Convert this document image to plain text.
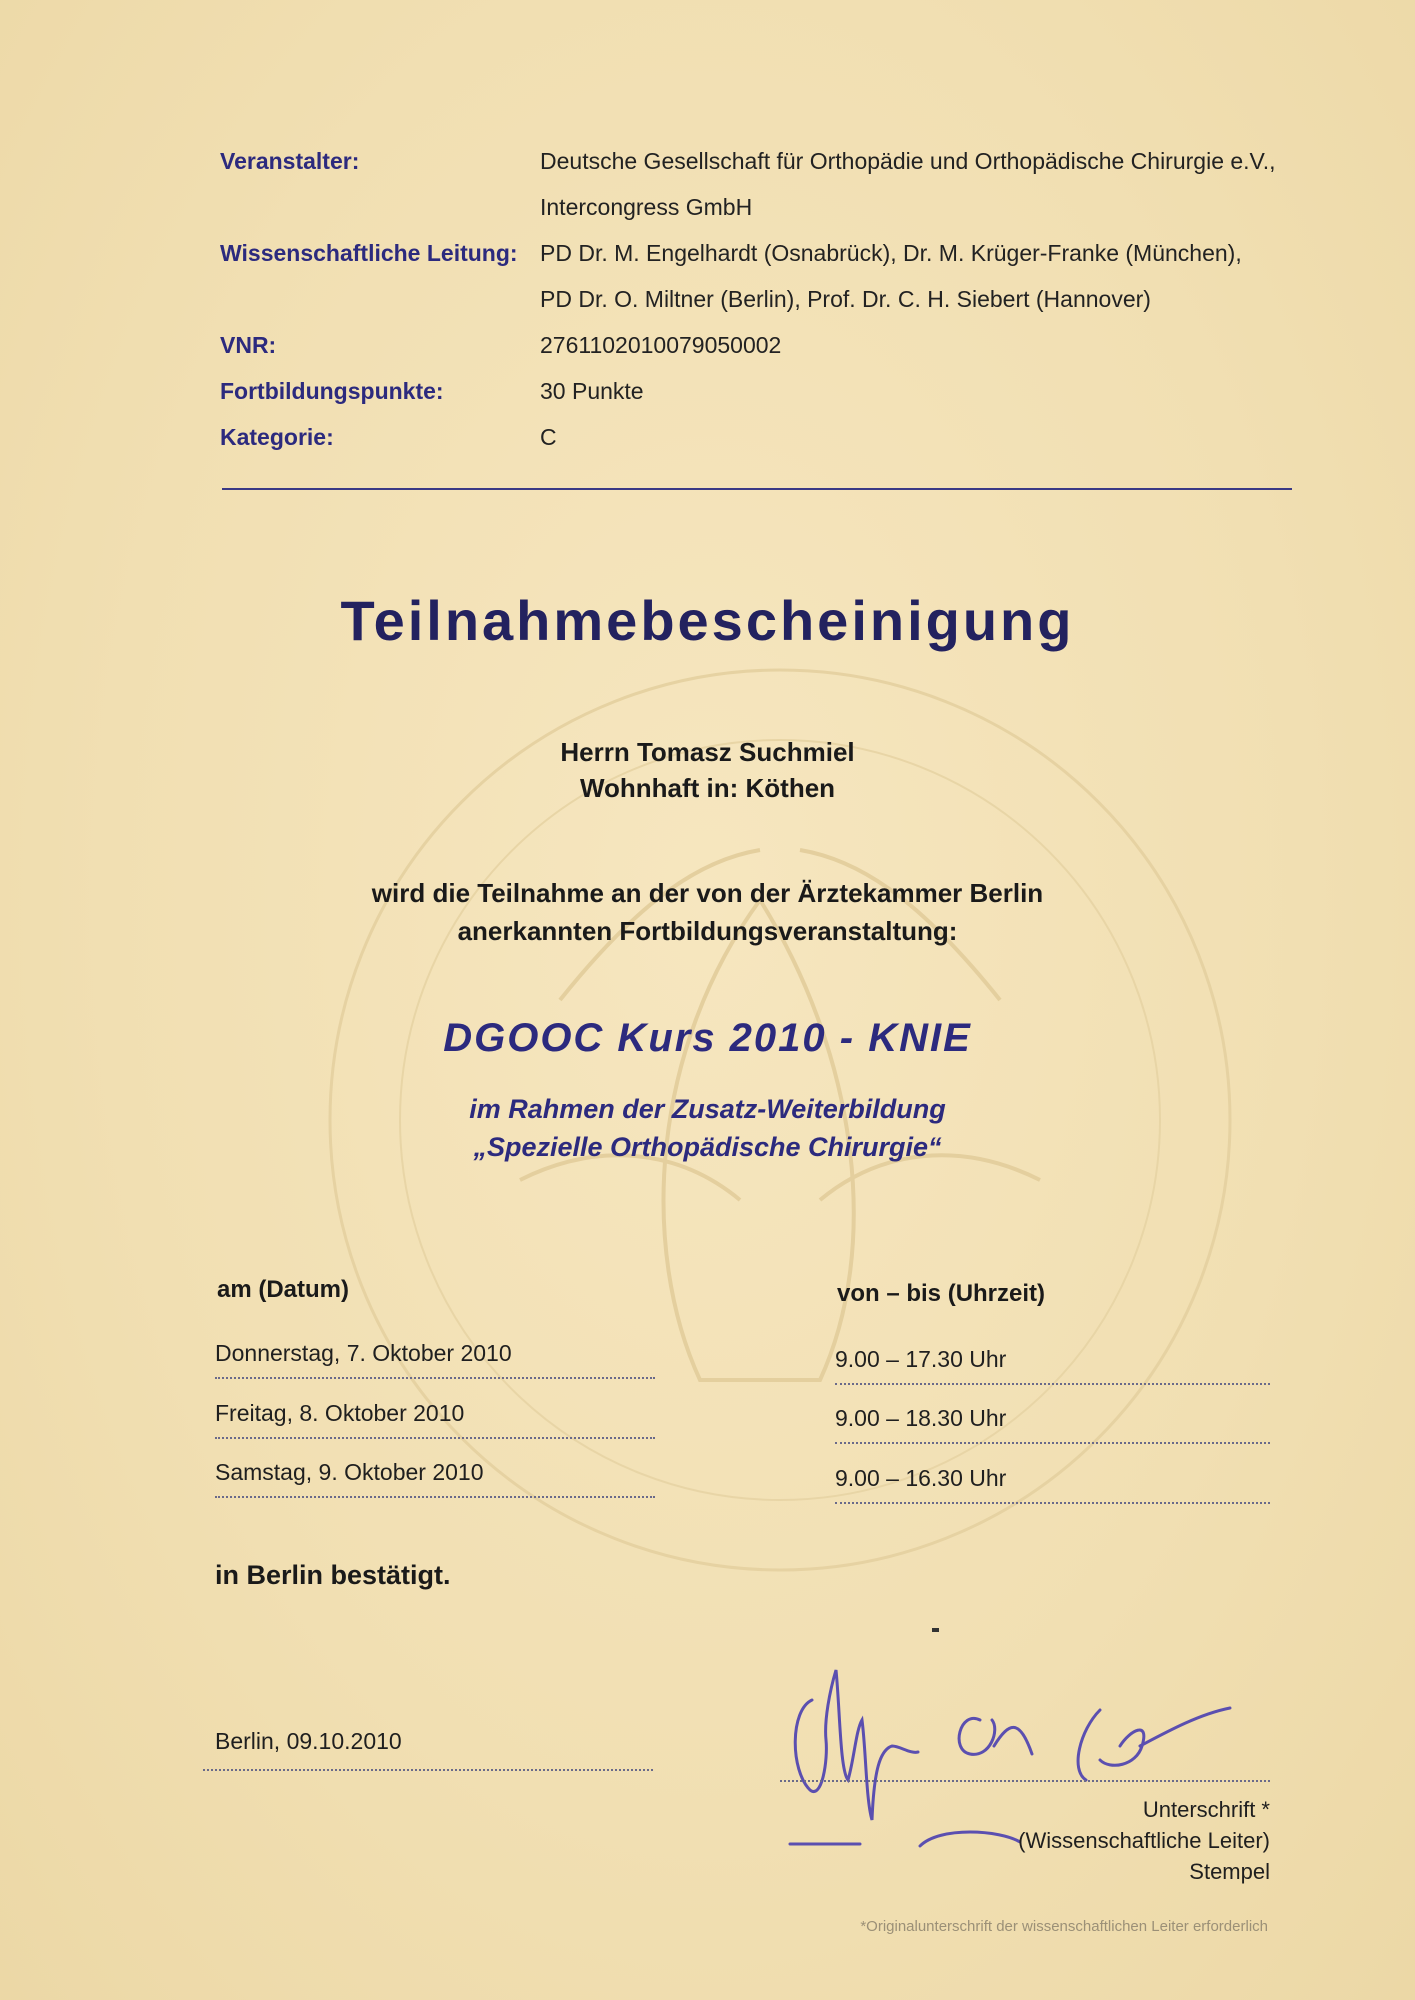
Veranstalter:	Deutsche Gesellschaft für Orthopädie und Orthopädische Chirurgie e.V.,
Intercongress GmbH
Wissenschaftliche Leitung: PD Dr. M. Engelhardt (Osnabrück), Dr. M. Krüger-Franke (München),
PD Dr. O. Miltner (Berlin), Prof. Dr. C. H. Siebert (Hannover)
VNR:	2761102010079050002
Fortbildungspunkte:	30 Punkte
Kategorie:	C
Teilnahmebescheinigung
Herrn Tomasz Suchmiel
Wohnhaft in: Köthen
wird die Teilnahme an der von der Ärztekammer Berlin
anerkannten Fortbildungsveranstaltung:
DGOOC Kurs 2010 - KNIE
im Rahmen der Zusatz-Weiterbildung
„Spezielle Orthopädische Chirurgie“
am (Datum)	von – bis (Uhrzeit)
Donnerstag, 7. Oktober 2010	9.00 – 17.30 Uhr
Freitag, 8. Oktober 2010	9.00 – 18.30 Uhr
Samstag, 9. Oktober 2010	9.00 – 16.30 Uhr
in Berlin bestätigt.
Berlin, 09.10.2010
Unterschrift *
(Wissenschaftliche Leiter)
Stempel
*Originalunterschrift der wissenschaftlichen Leiter erforderlich
